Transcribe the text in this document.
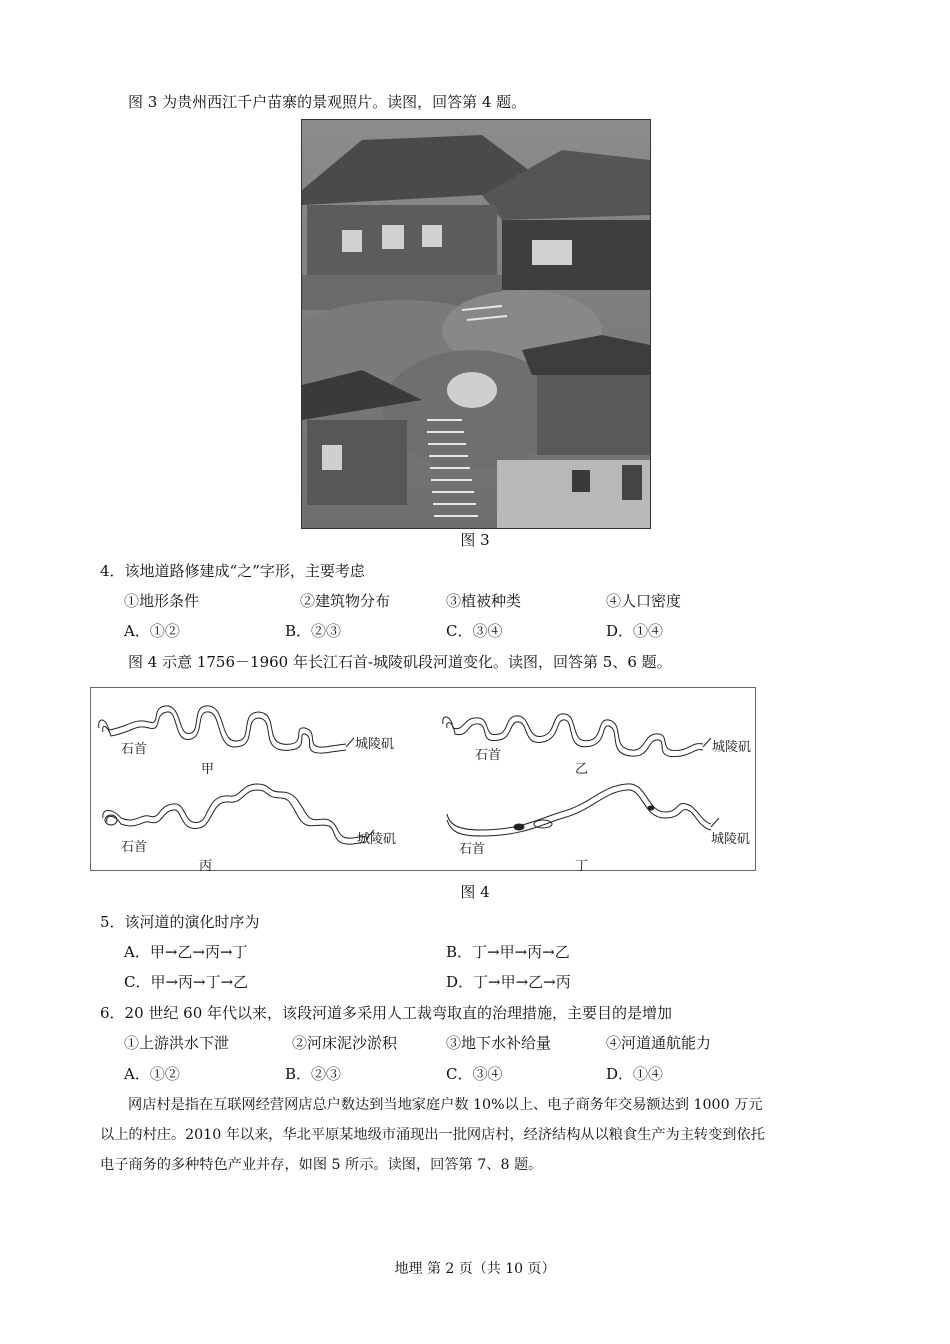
图 3 为贵州西江千户苗寨的景观照片。读图，回答第 4 题。
图 3
4．该地道路修建成“之”字形，主要考虑
①地形条件	②建筑物分布	③植被种类	④人口密度
A．①②	B．②③	C．③④	D．①④
图 4 示意 1756－1960 年长江石首-城陵矶段河道变化。读图，回答第 5、6 题。
石首	城陵矶
甲
石首
城陵矶
乙
石首
城陵矶
丙
石首
城陵矶
丁
图 4
5．该河道的演化时序为
A．甲→乙→丙→丁	B．丁→甲→丙→乙
C．甲→丙→丁→乙	D．丁→甲→乙→丙
6．20 世纪 60 年代以来，该段河道多采用人工裁弯取直的治理措施，主要目的是增加
①上游洪水下泄	②河床泥沙淤积	③地下水补给量	④河道通航能力
A．①②	B．②③	C．③④	D．①④
网店村是指在互联网经营网店总户数达到当地家庭户数 10%以上、电子商务年交易额达到 1000 万元
以上的村庄。2010 年以来，华北平原某地级市涌现出一批网店村，经济结构从以粮食生产为主转变到依托
电子商务的多种特色产业并存，如图 5 所示。读图，回答第 7、8 题。
地理 第 2 页（共 10 页）
